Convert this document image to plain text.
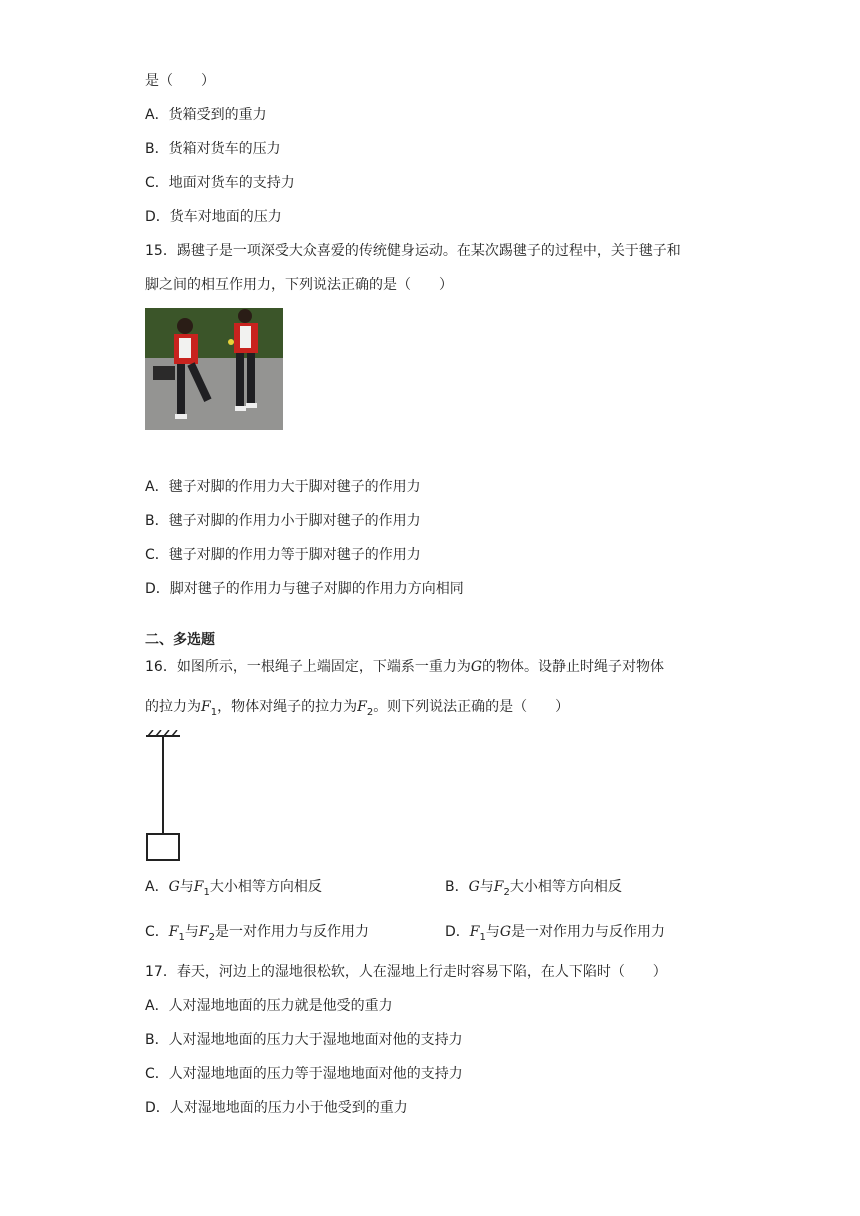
是（　　）
A．货箱受到的重力
B．货箱对货车的压力
C．地面对货车的支持力
D．货车对地面的压力
15．踢毽子是一项深受大众喜爱的传统健身运动。在某次踢毽子的过程中，关于毽子和
脚之间的相互作用力，下列说法正确的是（　　）
A．毽子对脚的作用力大于脚对毽子的作用力
B．毽子对脚的作用力小于脚对毽子的作用力
C．毽子对脚的作用力等于脚对毽子的作用力
D．脚对毽子的作用力与毽子对脚的作用力方向相同
二、多选题
16．如图所示，一根绳子上端固定，下端系一重力为G的物体。设静止时绳子对物体
的拉力为$F_1$，物体对绳子的拉力为$F_2$。则下列说法正确的是（　　）
A．G与$F_1$大小相等方向相反	B．G与$F_2$大小相等方向相反
C．$F_1$与$F_2$是一对作用力与反作用力	D．$F_1$与G是一对作用力与反作用力
17．春天，河边上的湿地很松软，人在湿地上行走时容易下陷，在人下陷时（　　）
A．人对湿地地面的压力就是他受的重力
B．人对湿地地面的压力大于湿地地面对他的支持力
C．人对湿地地面的压力等于湿地地面对他的支持力
D．人对湿地地面的压力小于他受到的重力
